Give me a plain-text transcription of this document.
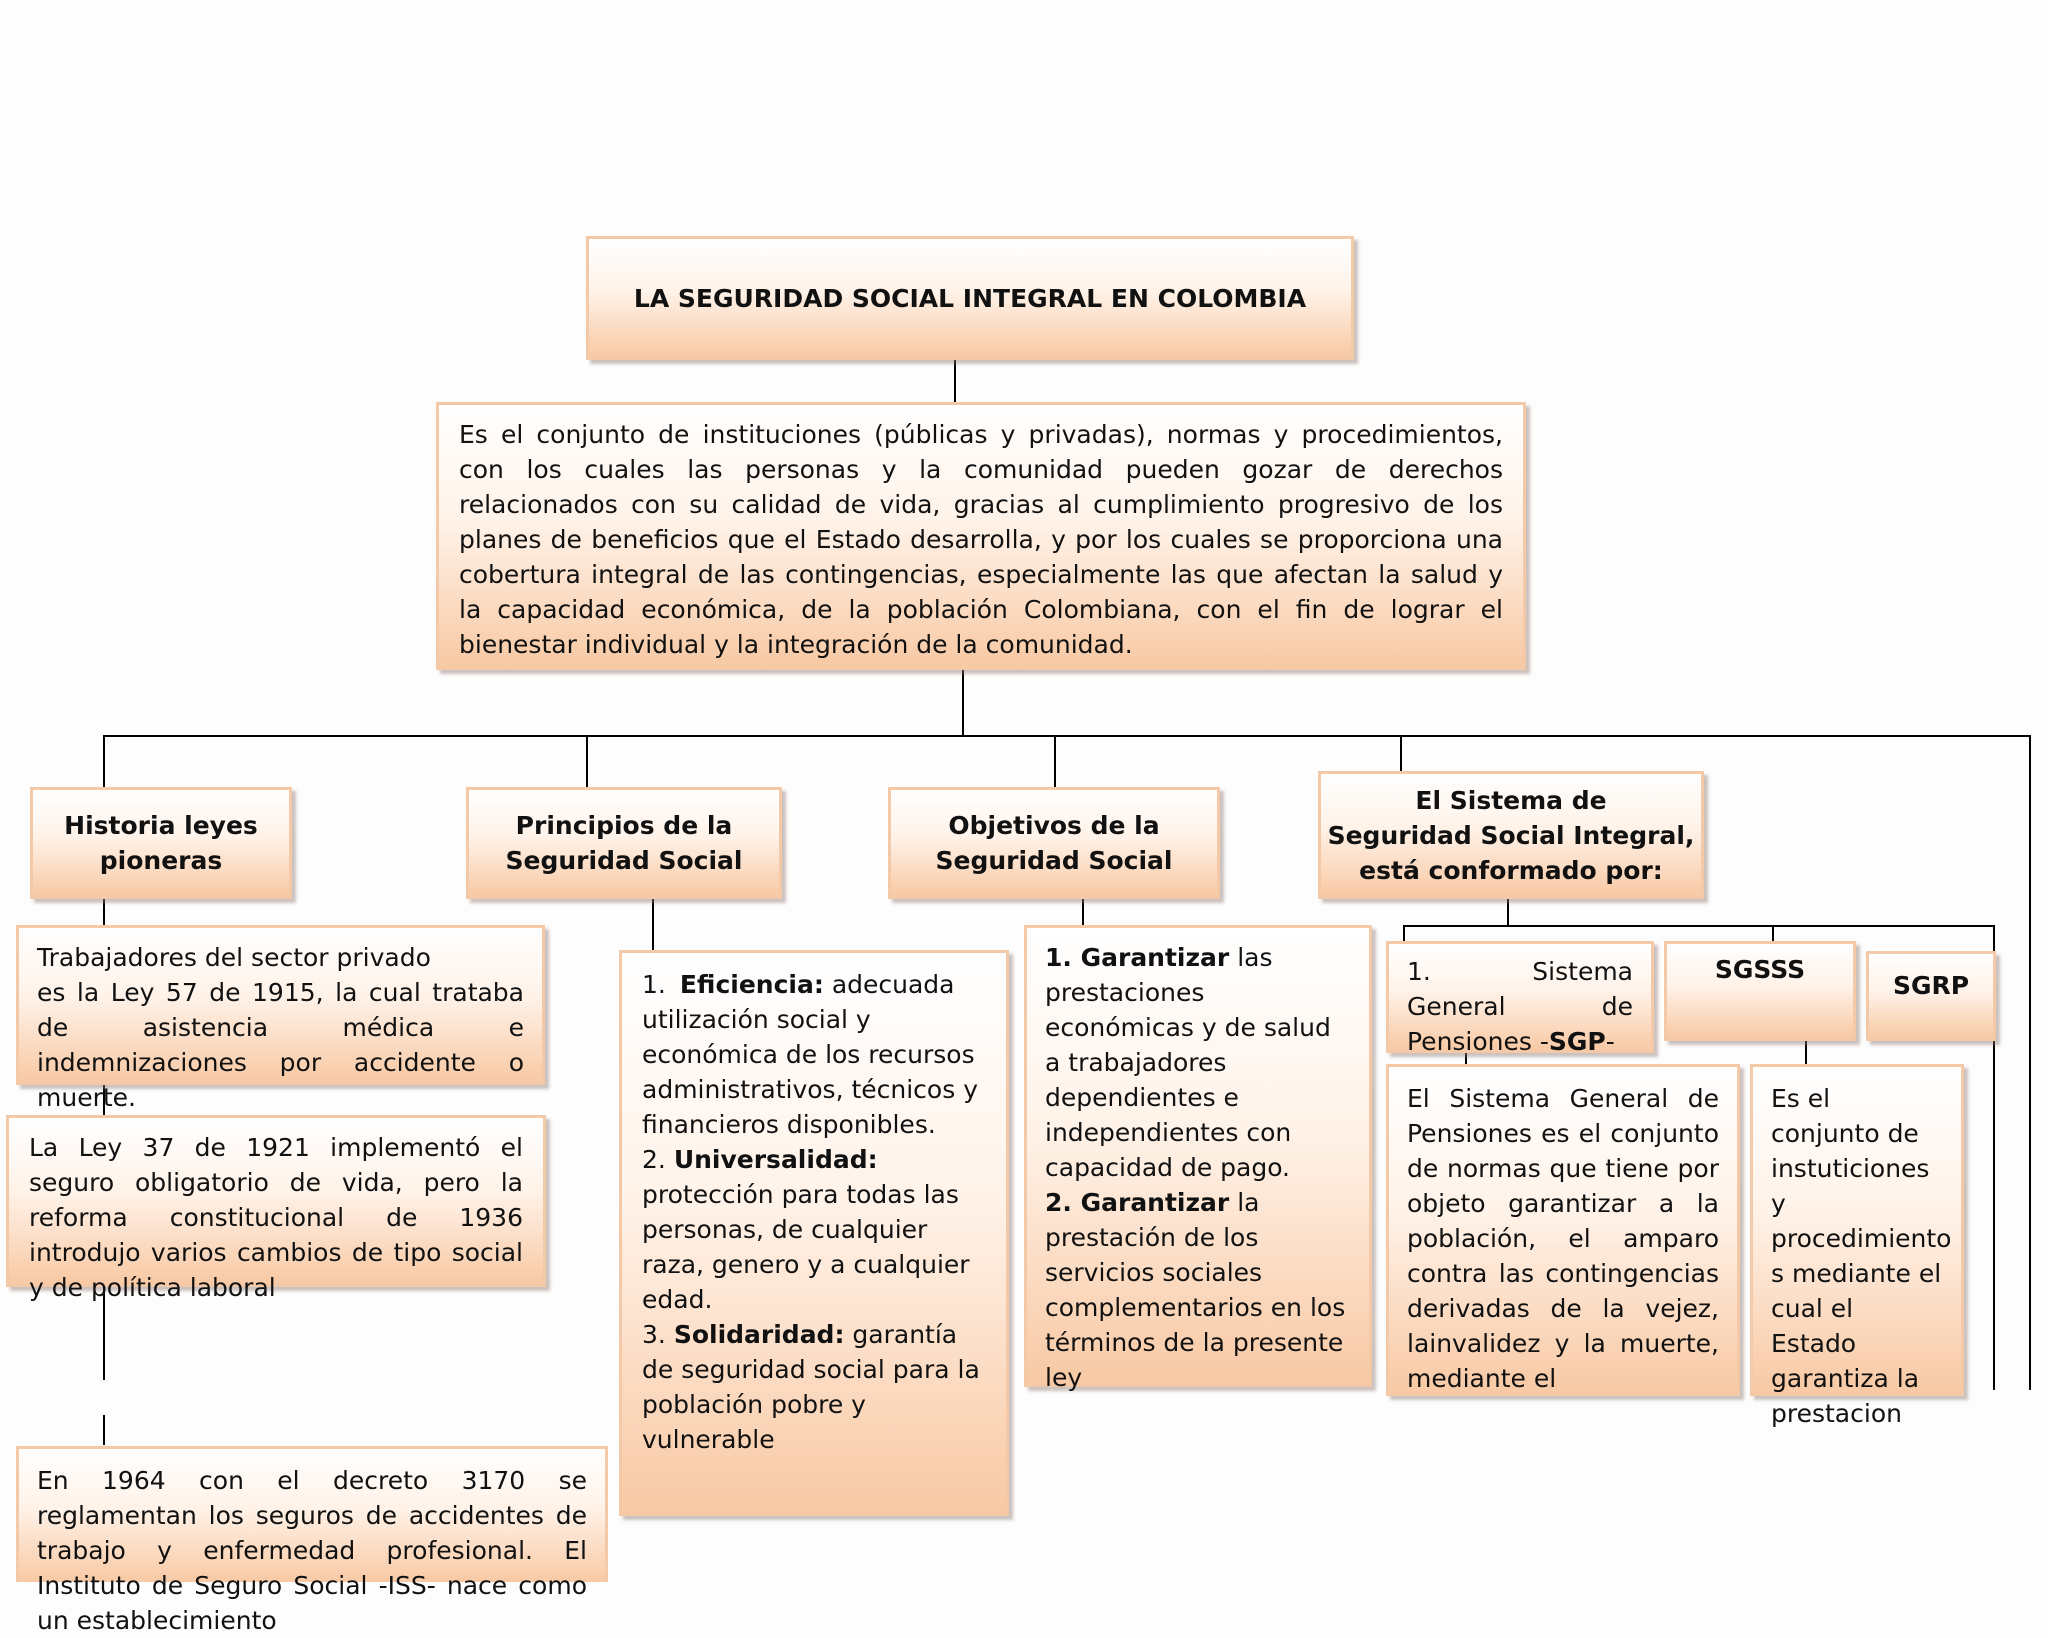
LA SEGURIDAD SOCIAL INTEGRAL EN COLOMBIA

Es el conjunto de instituciones (públicas y privadas), normas y procedimientos, con los cuales las personas y la comunidad pueden gozar de derechos relacionados con su calidad de vida, gracias al cumplimiento progresivo de los planes de beneficios que el Estado desarrolla, y por los cuales se proporciona una cobertura integral de las contingencias, especialmente las que afectan la salud y la capacidad económica, de la población Colombiana, con el fin de lograr el bienestar individual y la integración de la comunidad.

Historia leyes
pioneras
Trabajadores del sector privado
es la Ley 57 de 1915, la cual trataba de asistencia médica e indemnizaciones por accidente o muerte.

La Ley 37 de 1921 implementó el seguro obligatorio de vida, pero la reforma constitucional de 1936 introdujo varios cambios de tipo social y de política laboral

En 1964 con el decreto 3170 se reglamentan los seguros de accidentes de trabajo y enfermedad profesional. El Instituto de Seguro Social -ISS- nace como un establecimiento

Principios de la
Seguridad Social

1. Eficiencia: adecuada utilización social y económica de los recursos administrativos, técnicos y financieros disponibles.

2. Universalidad: protección para todas las personas, de cualquier raza, genero y a cualquier edad.

3. Solidaridad: garantía de seguridad social para la población pobre y vulnerable

Objetivos de la
Seguridad Social

1. Garantizar las prestaciones económicas y de salud a trabajadores dependientes e independientes con capacidad de pago.

2. Garantizar la prestación de los servicios sociales complementarios en los términos de la presente ley

El Sistema de
Seguridad Social Integral,
está conformado por:
1. Sistema General de Pensiones -SGP-
SGSSS
SGRP

El Sistema General de Pensiones es el conjunto de normas que tiene por objeto garantizar a la población, el amparo contra las contingencias derivadas de la vejez, lainvalidez y la muerte, mediante el

Es el conjunto de instuticiones y procedimiento s mediante el cual el Estado garantiza la prestacion
